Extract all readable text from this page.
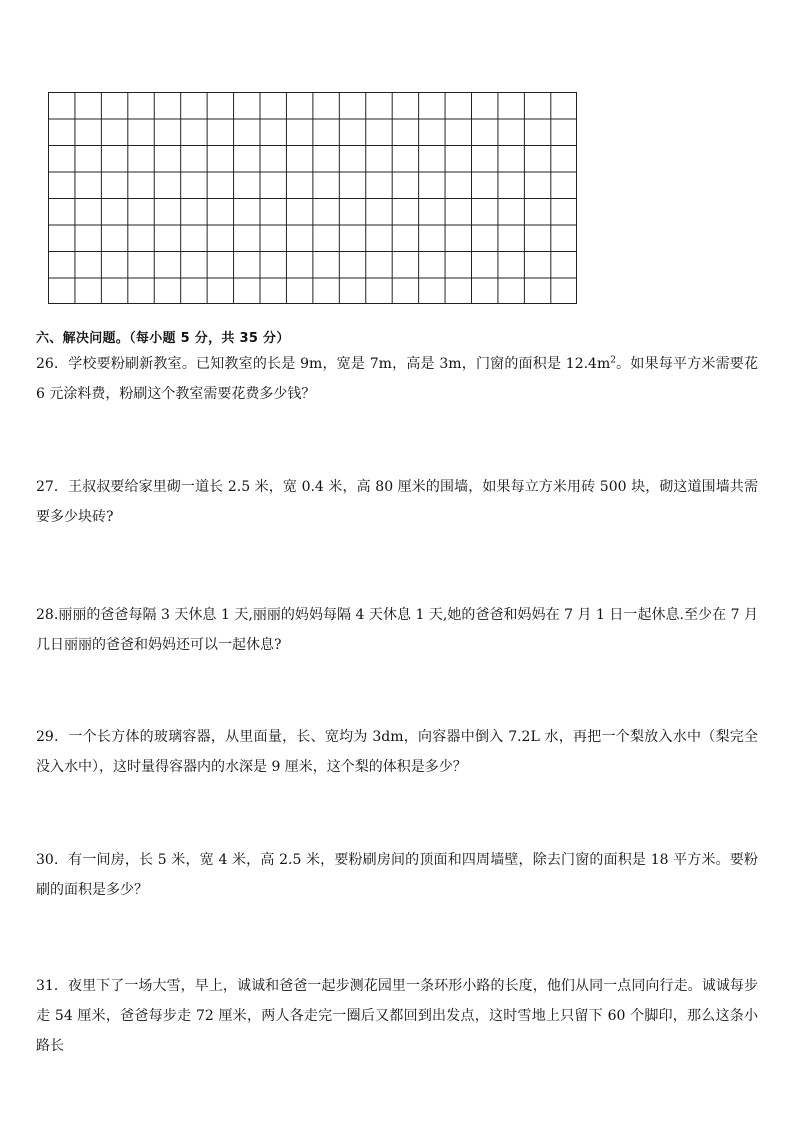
六、解决问题。（每小题 5 分，共 35 分）

26．学校要粉刷新教室。已知教室的长是 9m，宽是 7m，高是 3m，门窗的面积是 $12.4m^2$。如果每平方米需要花 6 元涂料费，粉刷这个教室需要花费多少钱？

27．王叔叔要给家里砌一道长 2.5 米，宽 0.4 米，高 80 厘米的围墙，如果每立方米用砖 500 块，砌这道围墙共需要多少块砖?

28.丽丽的爸爸每隔 3 天休息 1 天,丽丽的妈妈每隔 4 天休息 1 天,她的爸爸和妈妈在 7 月 1 日一起休息.至少在 7 月几日丽丽的爸爸和妈妈还可以一起休息?

29．一个长方体的玻璃容器，从里面量，长、宽均为 3dm，向容器中倒入 7.2L 水，再把一个梨放入水中（梨完全没入水中），这时量得容器内的水深是 9 厘米，这个梨的体积是多少？

30．有一间房，长 5 米，宽 4 米，高 2.5 米，要粉刷房间的顶面和四周墙壁，除去门窗的面积是 18 平方米。要粉刷的面积是多少？

31．夜里下了一场大雪，早上，诚诚和爸爸一起步测花园里一条环形小路的长度，他们从同一点同向行走。诚诚每步走 54 厘米，爸爸每步走 72 厘米，两人各走完一圈后又都回到出发点，这时雪地上只留下 60 个脚印，那么这条小路长
